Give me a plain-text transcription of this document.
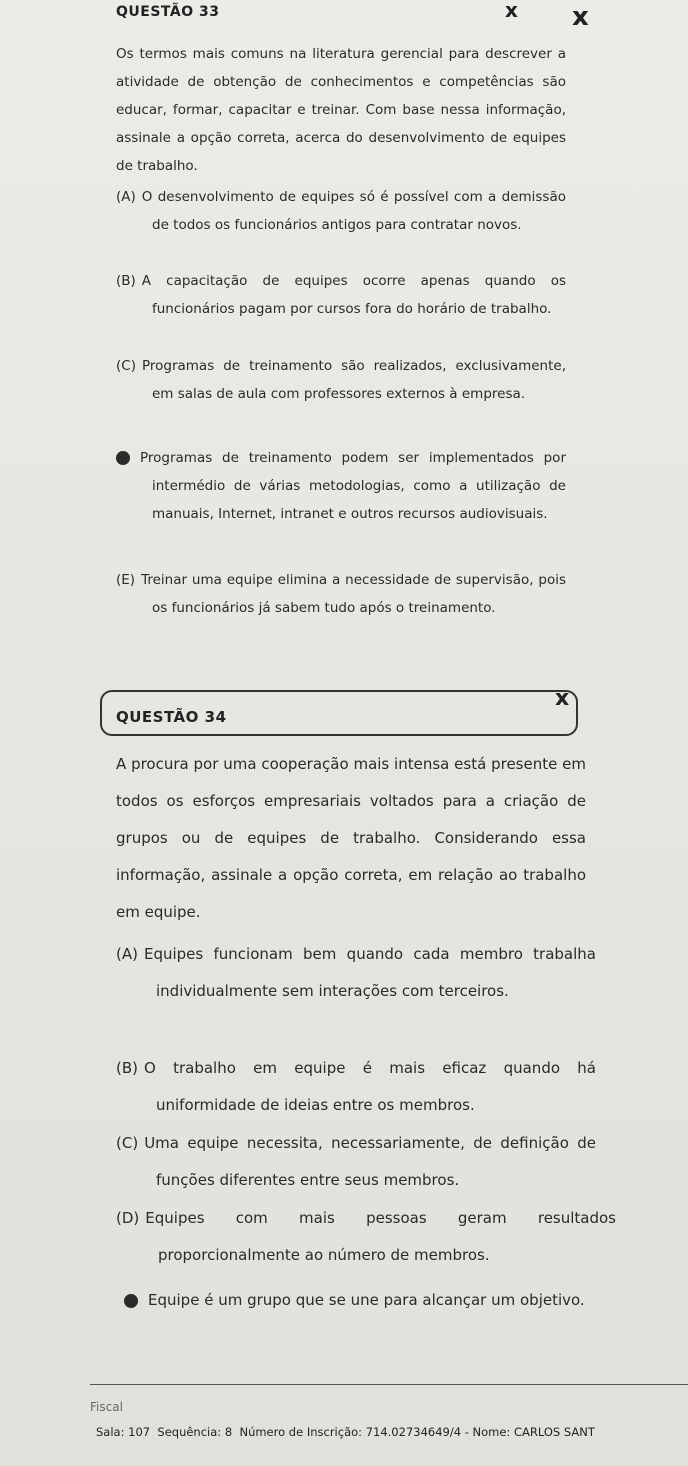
QUESTÃO 33	x x

Os termos mais comuns na literatura gerencial para descrever a atividade de obtenção de conhecimentos e competências são educar, formar, capacitar e treinar. Com base nessa informação, assinale a opção correta, acerca do desenvolvimento de equipes de trabalho.

(A) O desenvolvimento de equipes só é possível com a demissão de todos os funcionários antigos para contratar novos.

(B) A capacitação de equipes ocorre apenas quando os funcionários pagam por cursos fora do horário de trabalho.

(C) Programas de treinamento são realizados, exclusivamente, em salas de aula com professores externos à empresa.

Programas de treinamento podem ser implementados por intermédio de várias metodologias, como a utilização de manuais, Internet, intranet e outros recursos audiovisuais.

(E) Treinar uma equipe elimina a necessidade de supervisão, pois os funcionários já sabem tudo após o treinamento.

QUESTÃO 34
x

A procura por uma cooperação mais intensa está presente em todos os esforços empresariais voltados para a criação de grupos ou de equipes de trabalho. Considerando essa informação, assinale a opção correta, em relação ao trabalho em equipe.

(A) Equipes funcionam bem quando cada membro trabalha individualmente sem interações com terceiros.

(B) O trabalho em equipe é mais eficaz quando há uniformidade de ideias entre os membros.

(C) Uma equipe necessita, necessariamente, de definição de funções diferentes entre seus membros.

(D) Equipes com mais pessoas geram resultados proporcionalmente ao número de membros.

Equipe é um grupo que se une para alcançar um objetivo.

Fiscal
Sala: 107 Sequência: 8 Número de Inscrição: 714.02734649/4 - Nome: CARLOS SANT
